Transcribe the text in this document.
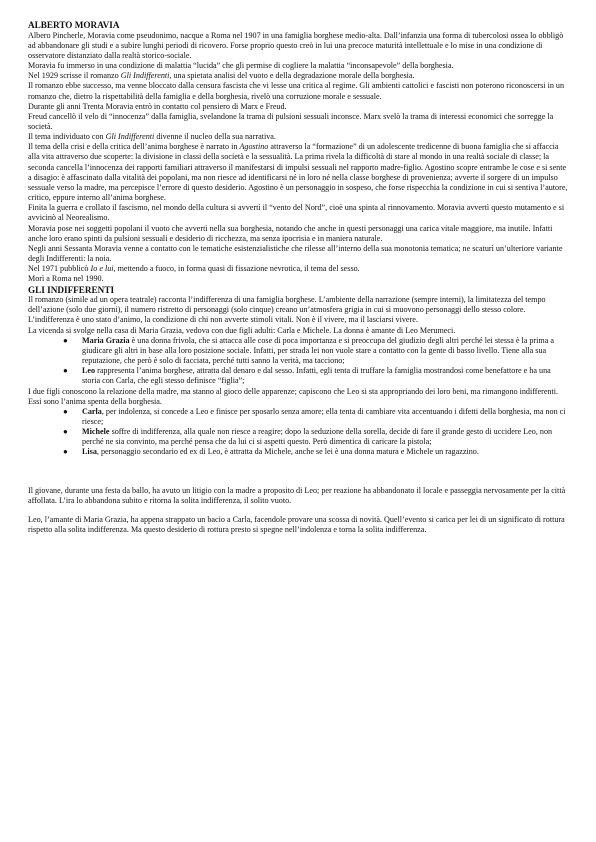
ALBERTO MORAVIA

Albero Pincherle, Moravia come pseudonimo, nacque a Roma nel 1907 in una famiglia borghese medio-alta. Dall’infanzia una forma di tubercolosi ossea lo obbligò ad abbandonare gli studi e a subire lunghi periodi di ricovero. Forse proprio questo creò in lui una precoce maturità intellettuale e lo mise in una condizione di osservatore distanziato dalla realtà storico-sociale.

Moravia fu immerso in una condizione di malattia “lucida” che gli permise di cogliere la malattia “inconsapevole” della borghesia.

Nel 1929 scrisse il romanzo Gli Indifferenti, una spietata analisi del vuoto e della degradazione morale della borghesia.

Il romanzo ebbe successo, ma venne bloccato dalla censura fascista che vi lesse una critica al regime. Gli ambienti cattolici e fascisti non poterono riconoscersi in un romanzo che, dietro la rispettabilità della famiglia e della borghesia, rivelò una corruzione morale e sessuale.

Durante gli anni Trenta Moravia entrò in contatto col pensiero di Marx e Freud.

Freud cancellò il velo di “innocenza” dalla famiglia, svelandone la trama di pulsioni sessuali inconsce. Marx svelò la trama di interessi economici che sorregge la società.

Il tema individuato con Gli Indifferenti divenne il nucleo della sua narrativa.

Il tema della crisi e della critica dell’anima borghese è narrato in Agostino attraverso la “formazione” di un adolescente tredicenne di buona famiglia che si affaccia alla vita attraverso due scoperte: la divisione in classi della società e la sessualità. La prima rivela la difficoltà di stare al mondo in una realtà sociale di classe; la seconda cancella l’innocenza dei rapporti familiari attraverso il manifestarsi di impulsi sessuali nel rapporto madre-figlio. Agostino scopre entrambe le cose e si sente a disagio: è affascinato dalla vitalità dei popolani, ma non riesce ad identificarsi né in loro né nella classe borghese di provenienza; avverte il sorgere di un impulso sessuale verso la madre, ma percepisce l’errore di questo desiderio. Agostino è un personaggio in sospeso, che forse rispecchia la condizione in cui si sentiva l’autore, critico, eppure interno all’anima borghese.

Finita la guerra e crollato il fascismo, nel mondo della cultura si avvertì il “vento del Nord”, cioè una spinta al rinnovamento. Moravia avvertì questo mutamento e si avvicinò al Neorealismo.

Moravia pose nei soggetti popolani il vuoto che avvertì nella sua borghesia, notando che anche in questi personaggi una carica vitale maggiore, ma inutile. Infatti anche loro erano spinti da pulsioni sessuali e desiderio di ricchezza, ma senza ipocrisia e in maniera naturale.

Negli anni Sessanta Moravia venne a contatto con le tematiche esistenzialistiche che rilesse all’interno della sua monotonia tematica; ne scaturì un’ulteriore variante degli Indifferenti: la noia.

Nel 1971 pubblicò Io e lui, mettendo a fuoco, in forma quasi di fissazione nevrotica, il tema del sesso.

Morì a Roma nel 1990.

GLI INDIFFERENTI

Il romanzo (simile ad un opera teatrale) racconta l’indifferenza di una famiglia borghese. L’ambiente della narrazione (sempre interni), la limitatezza del tempo dell’azione (solo due giorni), il numero ristretto di personaggi (solo cinque) creano un’atmosfera grigia in cui si muovono personaggi dello stesso colore.

L’indifferenza è uno stato d’animo, la condizione di chi non avverte stimoli vitali. Non è il vivere, ma il lasciarsi vivere.

La vicenda si svolge nella casa di Maria Grazia, vedova con due figli adulti: Carla e Michele. La donna è amante di Leo Merumeci.

● Maria Grazia è una donna frivola, che si attacca alle cose di poca importanza e si preoccupa del giudizio degli altri perché lei stessa è la prima a giudicare gli altri in base alla loro posizione sociale. Infatti, per strada lei non vuole stare a contatto con la gente di basso livello. Tiene alla sua reputazione, che però è solo di facciata, perché tutti sanno la verità, ma tacciono;
● Leo rappresenta l’anima borghese, attratta dal denaro e dal sesso. Infatti, egli tenta di truffare la famiglia mostrandosi come benefattore e ha una storia con Carla, che egli stesso definisce “figlia”;

I due figli conoscono la relazione della madre, ma stanno al gioco delle apparenze; capiscono che Leo si sta appropriando dei loro beni, ma rimangono indifferenti. Essi sono l’anima spenta della borghesia.

● Carla, per indolenza, si concede a Leo e finisce per sposarlo senza amore; ella tenta di cambiare vita accentuando i difetti della borghesia, ma non ci riesce;
● Michele soffre di indifferenza, alla quale non riesce a reagire; dopo la seduzione della sorella, decide di fare il grande gesto di uccidere Leo, non perché ne sia convinto, ma perché pensa che da lui ci si aspetti questo. Però dimentica di caricare la pistola;
● Lisa, personaggio secondario ed ex di Leo, è attratta da Michele, anche se lei è una donna matura e Michele un ragazzino.

Il giovane, durante una festa da ballo, ha avuto un litigio con la madre a proposito di Leo; per reazione ha abbandonato il locale e passeggia nervosamente per la città affollata. L’ira lo abbandona subito e ritorna la solita indifferenza, il solito vuoto.

Leo, l’amante di Maria Grazia, ha appena strappato un bacio a Carla, facendole provare una scossa di novità. Quell’evento si carica per lei di un significato di rottura rispetto alla solita indifferenza. Ma questo desiderio di rottura presto si spegne nell’indolenza e torna la solita indifferenza.
